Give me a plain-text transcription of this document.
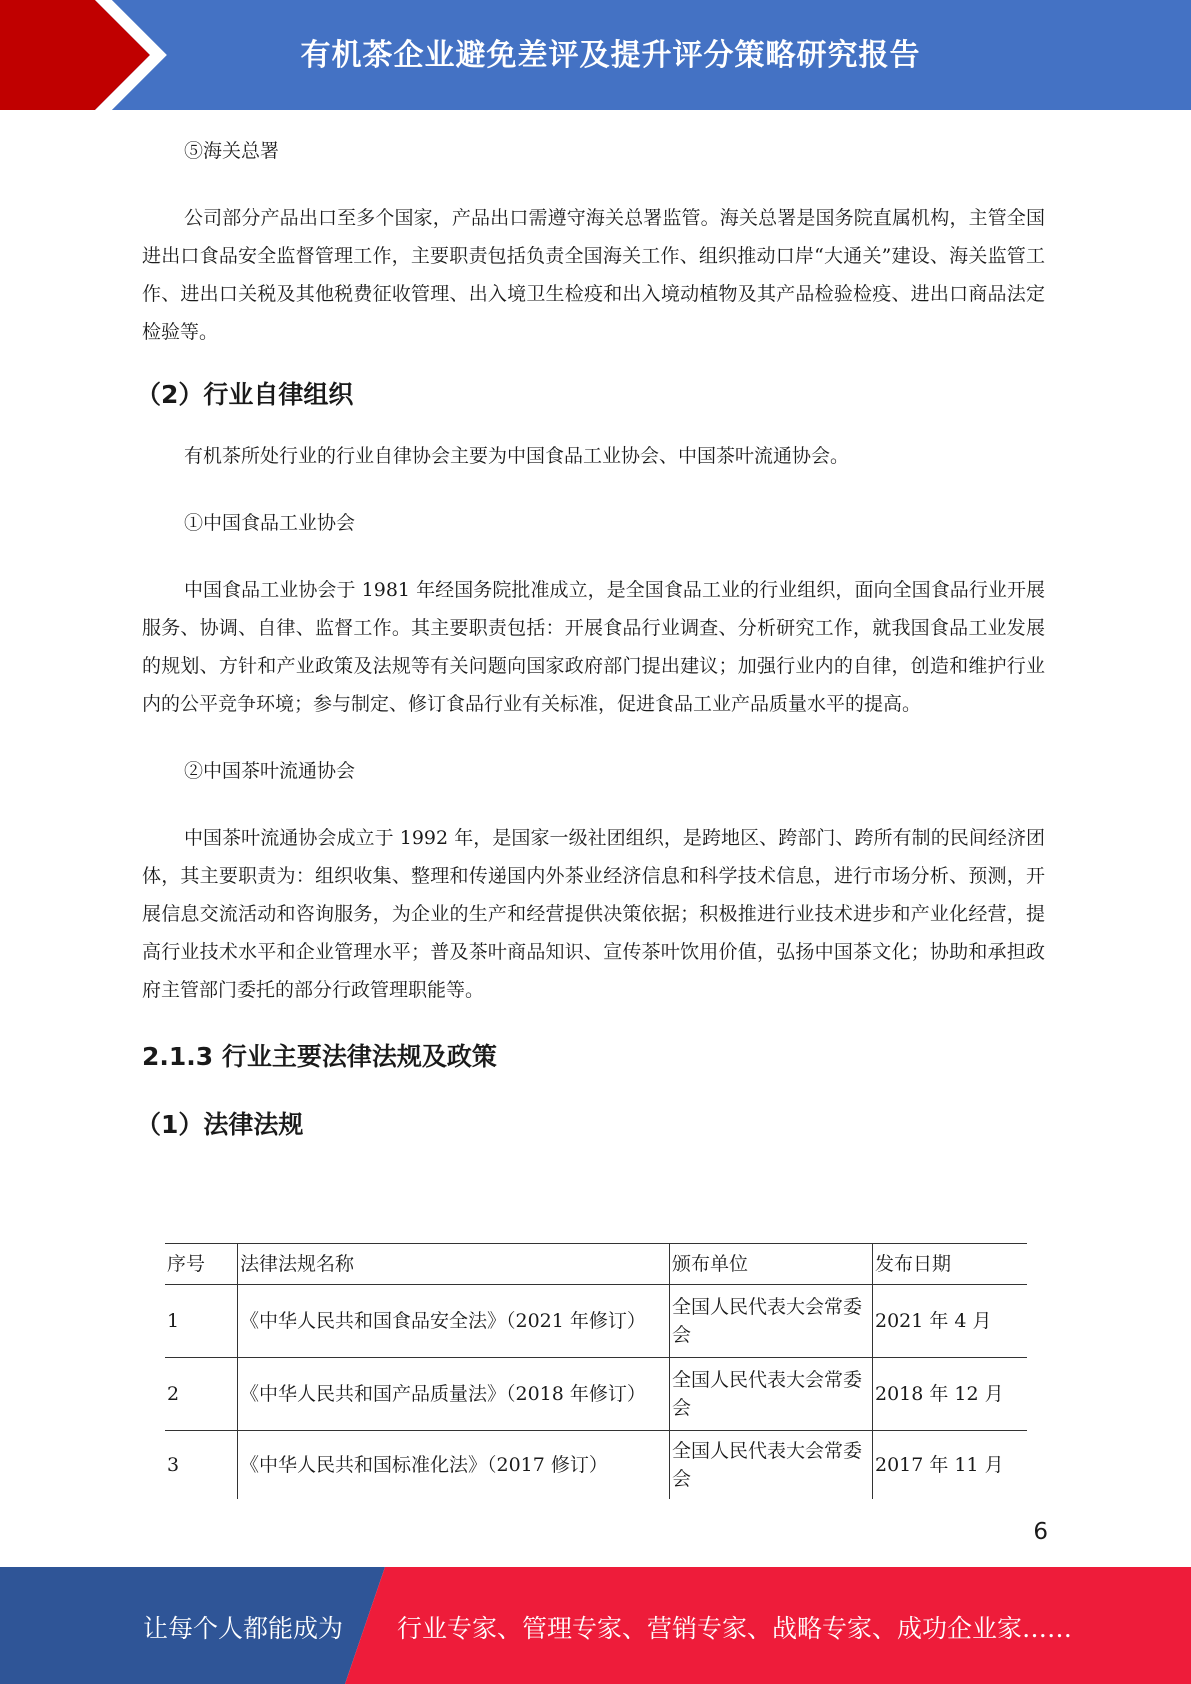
有机茶企业避免差评及提升评分策略研究报告

⑤海关总署

公司部分产品出口至多个国家，产品出口需遵守海关总署监管。海关总署是国务院直属机构，主管全国进出口食品安全监督管理工作，主要职责包括负责全国海关工作、组织推动口岸“大通关”建设、海关监管工作、进出口关税及其他税费征收管理、出入境卫生检疫和出入境动植物及其产品检验检疫、进出口商品法定检验等。

（2）行业自律组织

有机茶所处行业的行业自律协会主要为中国食品工业协会、中国茶叶流通协会。

①中国食品工业协会

中国食品工业协会于 1981 年经国务院批准成立，是全国食品工业的行业组织，面向全国食品行业开展服务、协调、自律、监督工作。其主要职责包括：开展食品行业调查、分析研究工作，就我国食品工业发展的规划、方针和产业政策及法规等有关问题向国家政府部门提出建议；加强行业内的自律，创造和维护行业内的公平竞争环境；参与制定、修订食品行业有关标准，促进食品工业产品质量水平的提高。

②中国茶叶流通协会

中国茶叶流通协会成立于 1992 年，是国家一级社团组织，是跨地区、跨部门、跨所有制的民间经济团体，其主要职责为：组织收集、整理和传递国内外茶业经济信息和科学技术信息，进行市场分析、预测，开展信息交流活动和咨询服务，为企业的生产和经营提供决策依据；积极推进行业技术进步和产业化经营，提高行业技术水平和企业管理水平；普及茶叶商品知识、宣传茶叶饮用价值，弘扬中国茶文化；协助和承担政府主管部门委托的部分行政管理职能等。

2.1.3 行业主要法律法规及政策

（1）法律法规

序号	法律法规名称	颁布单位	发布日期
1	《中华人民共和国食品安全法》（2021 年修订）	全国人民代表大会常委会	2021 年 4 月
2	《中华人民共和国产品质量法》（2018 年修订）	全国人民代表大会常委会	2018 年 12 月
3	《中华人民共和国标准化法》（2017 修订）	全国人民代表大会常委会	2017 年 11 月
6
让每个人都能成为 行业专家、管理专家、营销专家、战略专家、成功企业家……
